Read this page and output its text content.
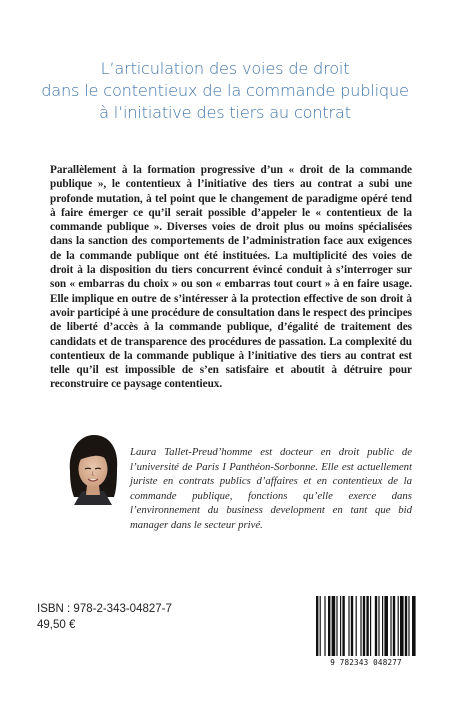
L’articulation des voies de droit
dans le contentieux de la commande publique
à l’initiative des tiers au contrat
Parallèlement à la formation progressive d’un « droit de la commande publique », le contentieux à l’initiative des tiers au contrat a subi une profonde mutation, à tel point que le changement de paradigme opéré tend à faire émerger ce qu’il serait possible d’appeler le « contentieux de la commande publique ». Diverses voies de droit plus ou moins spécialisées dans la sanction des comportements de l’administration face aux exigences de la commande publique ont été instituées. La multiplicité des voies de droit à la disposition du tiers concurrent évincé conduit à s’interroger sur son « embarras du choix » ou son « embarras tout court » à en faire usage. Elle implique en outre de s’intéresser à la protection effective de son droit à avoir participé à une procédure de consultation dans le respect des principes de liberté d’accès à la commande publique, d’égalité de traitement des candidats et de transparence des procédures de passation. La complexité du contentieux de la commande publique à l’initiative des tiers au contrat est telle qu’il est impossible de s’en satisfaire et aboutit à détruire pour reconstruire ce paysage contentieux.
Laura Tallet-Preud’homme est docteur en droit public de l’université de Paris I Panthéon-Sorbonne. Elle est actuellement juriste en contrats publics d’affaires et en contentieux de la commande publique, fonctions qu’elle exerce dans l’environnement du business development en tant que bid manager dans le secteur privé.
ISBN : 978-2-343-04827-7
49,50 €
9 782343 048277
